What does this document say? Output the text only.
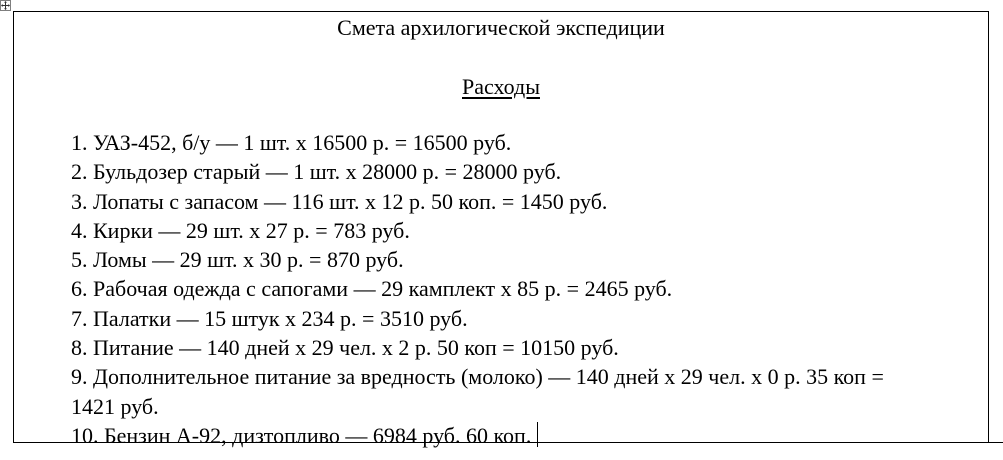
Смета архилогической экспедиции
Расходы
1. УАЗ-452, б/у — 1 шт. x 16500 р. = 16500 руб.
2. Бульдозер старый — 1 шт. x 28000 р. = 28000 руб.
3. Лопаты с запасом — 116 шт. x 12 р. 50 коп. = 1450 руб.
4. Кирки — 29 шт. x 27 р. = 783 руб.
5. Ломы — 29 шт. x 30 р. = 870 руб.
6. Рабочая одежда с сапогами — 29 камплект x 85 р. = 2465 руб.
7. Палатки — 15 штук x 234 р. = 3510 руб.
8. Питание — 140 дней x 29 чел. x 2 р. 50 коп = 10150 руб.
9. Дополнительное питание за вредность (молоко) — 140 дней x 29 чел. x 0 р. 35 коп = 1421 руб.
10. Бензин А-92, дизтопливо — 6984 руб. 60 коп.
